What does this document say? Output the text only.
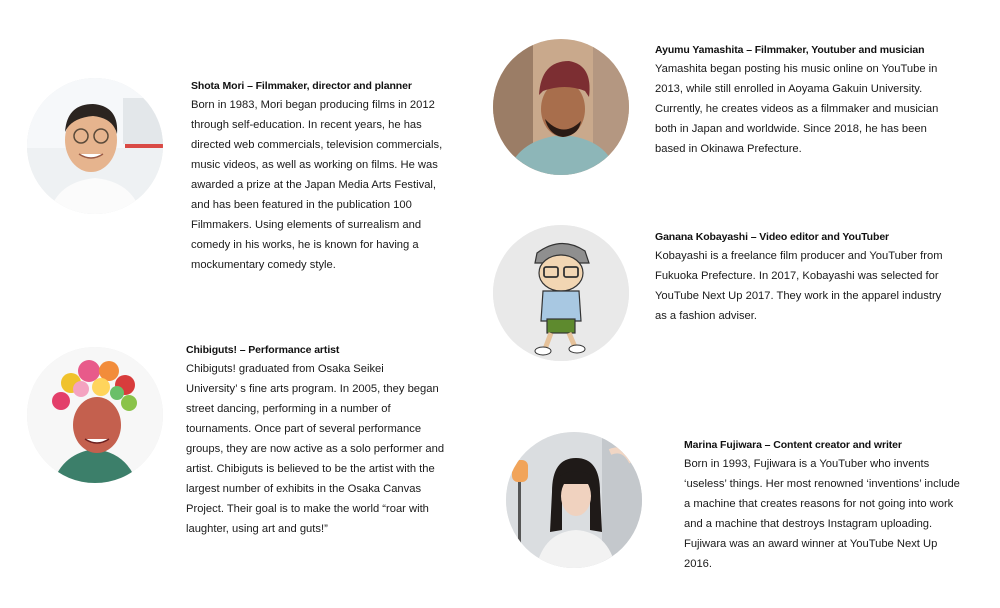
Shota Mori – Filmmaker, director and planner
Born in 1983, Mori began producing films in 2012
through self-education. In recent years, he has
directed web commercials, television commercials,
music videos, as well as working on films. He was
awarded a prize at the Japan Media Arts Festival,
and has been featured in the publication 100
Filmmakers. Using elements of surrealism and
comedy in his works, he is known for having a
mockumentary comedy style.
Ayumu Yamashita – Filmmaker, Youtuber and musician
Yamashita began posting his music online on YouTube in
2013, while still enrolled in Aoyama Gakuin University.
Currently, he creates videos as a filmmaker and musician
both in Japan and worldwide. Since 2018, he has been
based in Okinawa Prefecture.
Ganana Kobayashi – Video editor and YouTuber
Kobayashi is a freelance film producer and YouTuber from
Fukuoka Prefecture. In 2017, Kobayashi was selected for
YouTube Next Up 2017. They work in the apparel industry
as a fashion adviser.
Chibiguts! – Performance artist
Chibiguts! graduated from Osaka Seikei
University’ s fine arts program. In 2005, they began
street dancing, performing in a number of
tournaments. Once part of several performance
groups, they are now active as a solo performer and
artist. Chibiguts is believed to be the artist with the
largest number of exhibits in the Osaka Canvas
Project. Their goal is to make the world “roar with
laughter, using art and guts!”
Marina Fujiwara – Content creator and writer
Born in 1993, Fujiwara is a YouTuber who invents
‘useless’ things. Her most renowned ‘inventions’ include
a machine that creates reasons for not going into work
and a machine that destroys Instagram uploading.
Fujiwara was an award winner at YouTube Next Up
2016.
